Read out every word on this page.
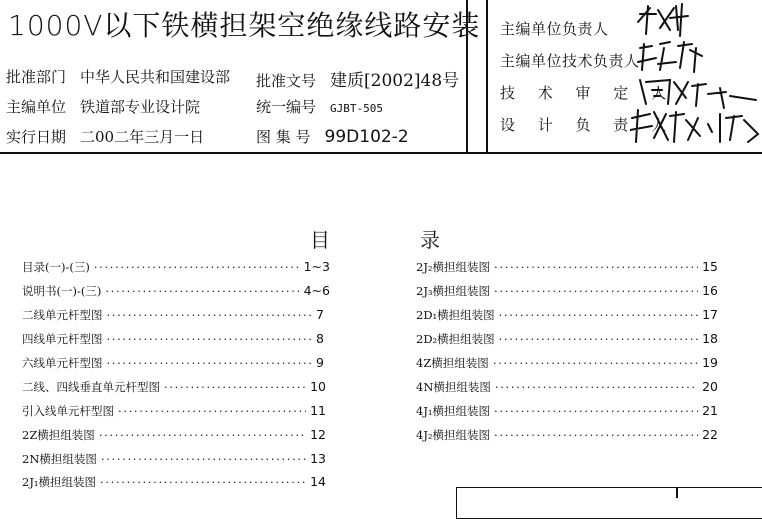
1000V以下铁横担架空绝缘线路安装
批准部门 中华人民共和国建设部
主编单位 铁道部专业设计院
实行日期 二00二年三月一日
批准文号 建质[2002]48号
统一编号 GJBT-505
图 集 号 99D102-2
主编单位负责人
主编单位技术负责人
技 术 审 定 人
设 计 负 责 人
目	录
目录(一)-(三) · · ·	1~3
说明书(一)-(三) · · ·	4~6
二线单元杆型图 · · ·	7
四线单元杆型图 · · ·	8
六线单元杆型图 · · ·	9
二线、四线垂直单元杆型图 · · ·	10
引入线单元杆型图 · · ·	11
2Z横担组装图 · · ·	12
2N横担组装图 · · ·	13
2J₁横担组装图 · · ·	14
2J₂横担组装图 · · ·	15
2J₃横担组装图 · · ·	16
2D₁横担组装图 · · ·	17
2D₂横担组装图 · · ·	18
4Z横担组装图 · · ·	19
4N横担组装图 · · ·	20
4J₁横担组装图 · · ·	21
4J₂横担组装图 · · ·	22
